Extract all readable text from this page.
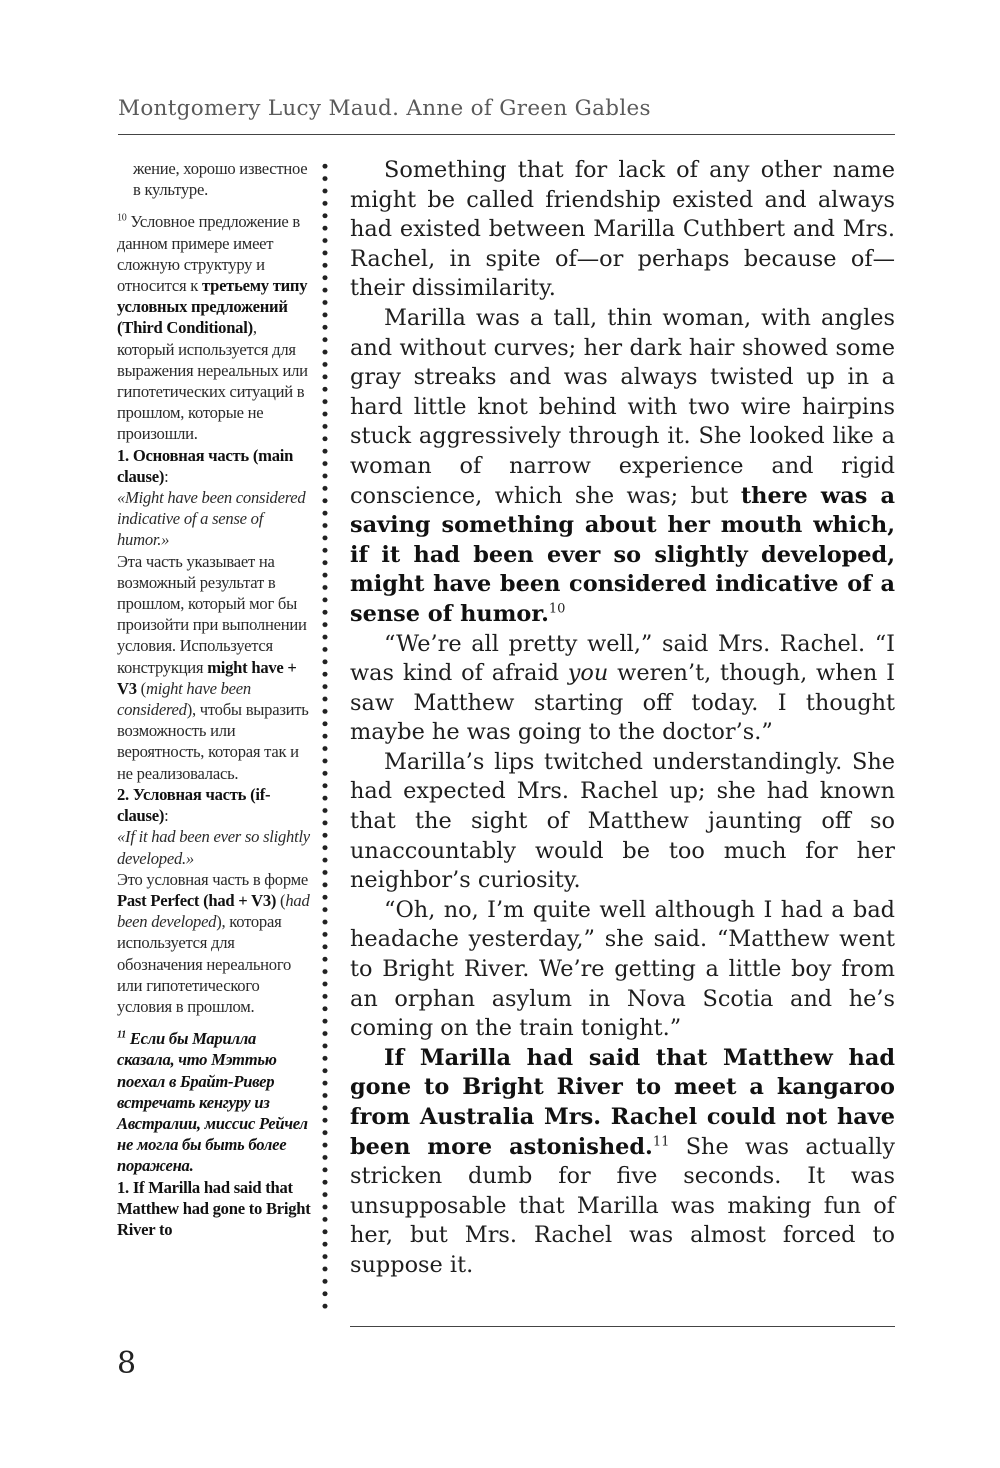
Montgomery Lucy Maud. Anne of Green Gables

жение, хорошо известное в культуре.

$^{10}$ Условное предложение в данном примере имеет сложную структуру и относится к третьему типу условных предложений (Third Conditional), который используется для выражения нереальных или гипотетических ситуаций в прошлом, которые не произошли.
1. Основная часть (main clause):
«Might have been considered indicative of a sense of humor.»
Эта часть указывает на возможный результат в прошлом, который мог бы произойти при выполнении условия. Используется конструкция might have + V3 (might have been considered), чтобы выразить возможность или вероятность, которая так и не реализовалась.
2. Условная часть (if-clause):
«If it had been ever so slightly developed.»
Это условная часть в форме Past Perfect (had + V3) (had been developed), которая используется для обозначения нереального или гипотетического условия в прошлом.

$^{11}$ Если бы Марилла сказала, что Мэттью поехал в Брайт-Ривер встречать кенгуру из Австралии, миссис Рейчел не могла бы быть более поражена.
1. If Marilla had said that Matthew had gone to Bright River to

Something that for lack of any other name might be called friendship existed and always had existed between Marilla Cuthbert and Mrs. Rachel, in spite of—or perhaps because of—their dissimilarity.

Marilla was a tall, thin woman, with angles and without curves; her dark hair showed some gray streaks and was always twisted up in a hard little knot behind with two wire hairpins stuck aggressively through it. She looked like a woman of narrow experience and rigid conscience, which she was; but there was a saving something about her mouth which, if it had been ever so slightly developed, might have been considered indicative of a sense of humor.$^{10}$

“We’re all pretty well,” said Mrs. Rachel. “I was kind of afraid you weren’t, though, when I saw Matthew starting off today. I thought maybe he was going to the doctor’s.”

Marilla’s lips twitched understandingly. She had expected Mrs. Rachel up; she had known that the sight of Matthew jaunting off so unaccountably would be too much for her neighbor’s curiosity.

“Oh, no, I’m quite well although I had a bad headache yesterday,” she said. “Matthew went to Bright River. We’re getting a little boy from an orphan asylum in Nova Scotia and he’s coming on the train tonight.”

If Marilla had said that Matthew had gone to Bright River to meet a kangaroo from Australia Mrs. Rachel could not have been more astonished.$^{11}$ She was actually stricken dumb for five seconds. It was unsupposable that Marilla was making fun of her, but Mrs. Rachel was almost forced to suppose it.

8
